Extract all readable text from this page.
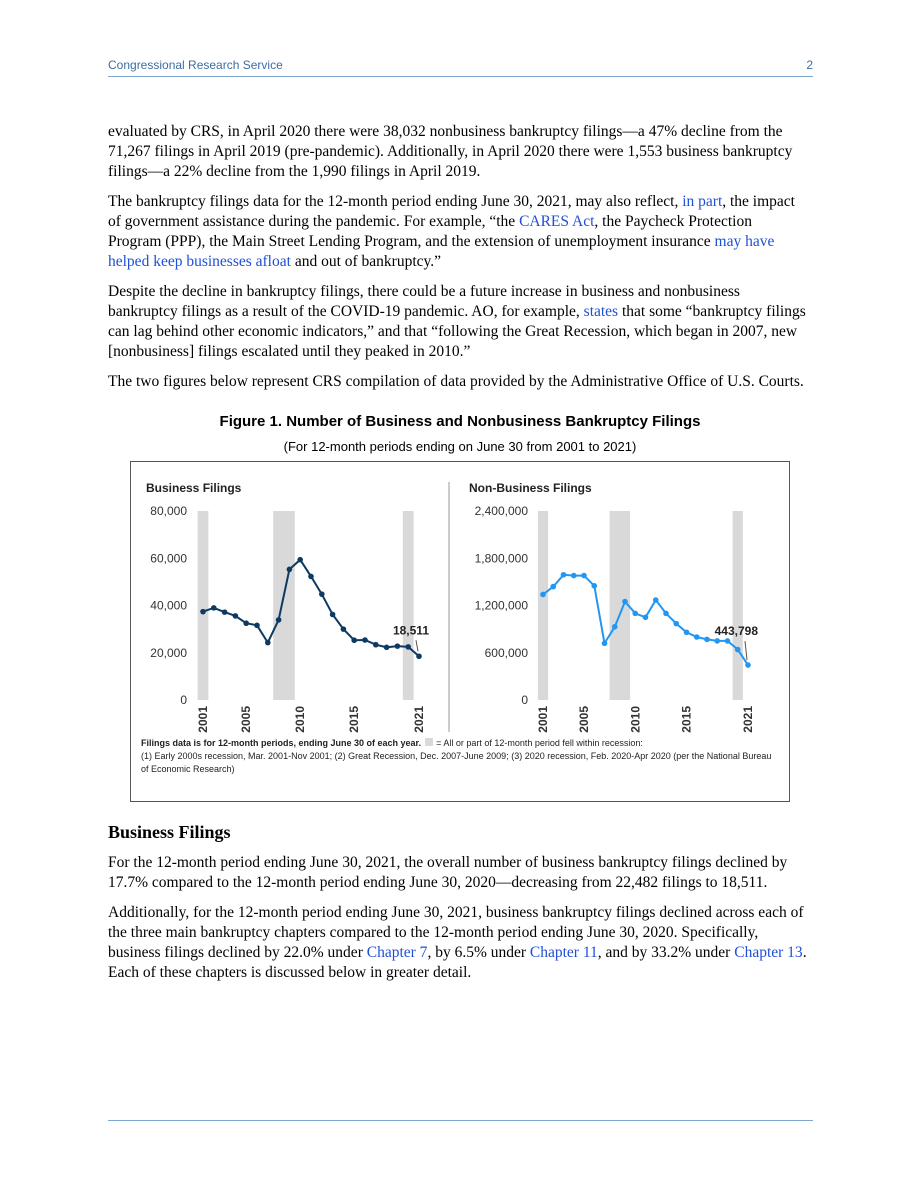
Congressional Research Service	2

evaluated by CRS, in April 2020 there were 38,032 nonbusiness bankruptcy filings—a 47% decline from the 71,267 filings in April 2019 (pre-pandemic). Additionally, in April 2020 there were 1,553 business bankruptcy filings—a 22% decline from the 1,990 filings in April 2019.

The bankruptcy filings data for the 12-month period ending June 30, 2021, may also reflect, in part, the impact of government assistance during the pandemic. For example, “the CARES Act, the Paycheck Protection Program (PPP), the Main Street Lending Program, and the extension of unemployment insurance may have helped keep businesses afloat and out of bankruptcy.”

Despite the decline in bankruptcy filings, there could be a future increase in business and nonbusiness bankruptcy filings as a result of the COVID-19 pandemic. AO, for example, states that some “bankruptcy filings can lag behind other economic indicators,” and that “following the Great Recession, which began in 2007, new [nonbusiness] filings escalated until they peaked in 2010.”

The two figures below represent CRS compilation of data provided by the Administrative Office of U.S. Courts.

Figure 1. Number of Business and Nonbusiness Bankruptcy Filings
(For 12-month periods ending on June 30 from 2001 to 2021)
Business Filings
0
20,000
40,000
60,000
80,000
2001 2005	2010	2015	2021
18,511
Non-Business Filings
0
600,000
1,200,000
1,800,000
2,400,000
2001 2005	2010	2015	2021
443,798
Filings data is for 12-month periods, ending June 30 of each year. = All or part of 12-month period fell within recession:
(1) Early 2000s recession, Mar. 2001-Nov 2001; (2) Great Recession, Dec. 2007-June 2009; (3) 2020 recession, Feb. 2020-Apr 2020 (per the National Bureau of Economic Research)
Business Filings

For the 12-month period ending June 30, 2021, the overall number of business bankruptcy filings declined by 17.7% compared to the 12-month period ending June 30, 2020—decreasing from 22,482 filings to 18,511.

Additionally, for the 12-month period ending June 30, 2021, business bankruptcy filings declined across each of the three main bankruptcy chapters compared to the 12-month period ending June 30, 2020. Specifically, business filings declined by 22.0% under Chapter 7, by 6.5% under Chapter 11, and by 33.2% under Chapter 13. Each of these chapters is discussed below in greater detail.
